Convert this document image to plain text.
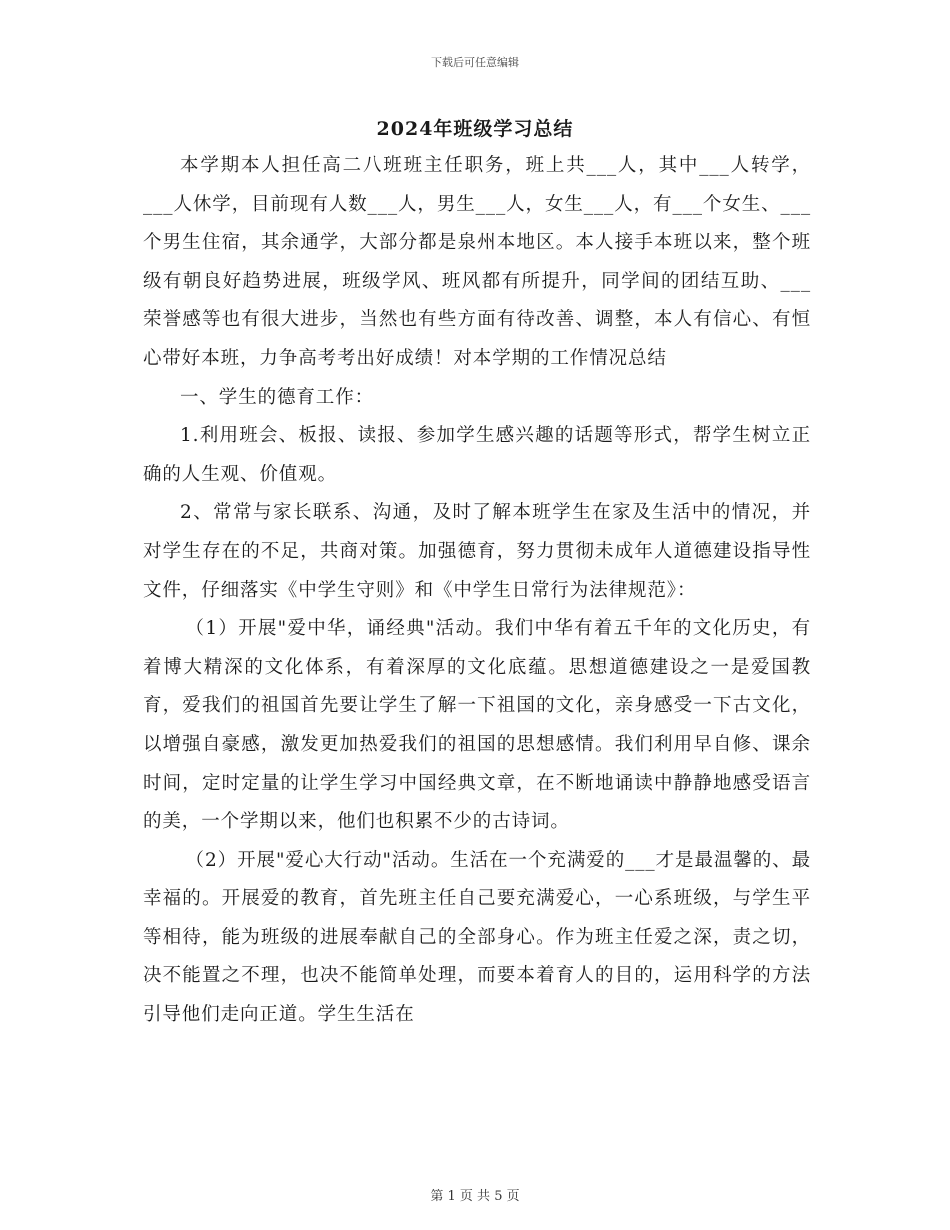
下载后可任意编辑
2024年班级学习总结

本学期本人担任高二八班班主任职务，班上共___人，其中___人转学，___人休学，目前现有人数___人，男生___人，女生___人，有___个女生、___个男生住宿，其余通学，大部分都是泉州本地区。本人接手本班以来，整个班级有朝良好趋势进展，班级学风、班风都有所提升，同学间的团结互助、___荣誉感等也有很大进步，当然也有些方面有待改善、调整，本人有信心、有恒心带好本班，力争高考考出好成绩！对本学期的工作情况总结

一、学生的德育工作：

1.利用班会、板报、读报、参加学生感兴趣的话题等形式，帮学生树立正确的人生观、价值观。

2、常常与家长联系、沟通，及时了解本班学生在家及生活中的情况，并对学生存在的不足，共商对策。加强德育，努力贯彻未成年人道德建设指导性文件，仔细落实《中学生守则》和《中学生日常行为法律规范》：

（1）开展"爱中华，诵经典"活动。我们中华有着五千年的文化历史，有着博大精深的文化体系，有着深厚的文化底蕴。思想道德建设之一是爱国教育，爱我们的祖国首先要让学生了解一下祖国的文化，亲身感受一下古文化，以增强自豪感，激发更加热爱我们的祖国的思想感情。我们利用早自修、课余时间，定时定量的让学生学习中国经典文章，在不断地诵读中静静地感受语言的美，一个学期以来，他们也积累不少的古诗词。

（2）开展"爱心大行动"活动。生活在一个充满爱的___才是最温馨的、最幸福的。开展爱的教育，首先班主任自己要充满爱心，一心系班级，与学生平等相待，能为班级的进展奉献自己的全部身心。作为班主任爱之深，责之切，决不能置之不理，也决不能简单处理，而要本着育人的目的，运用科学的方法引导他们走向正道。学生生活在

第 1 页 共 5 页
